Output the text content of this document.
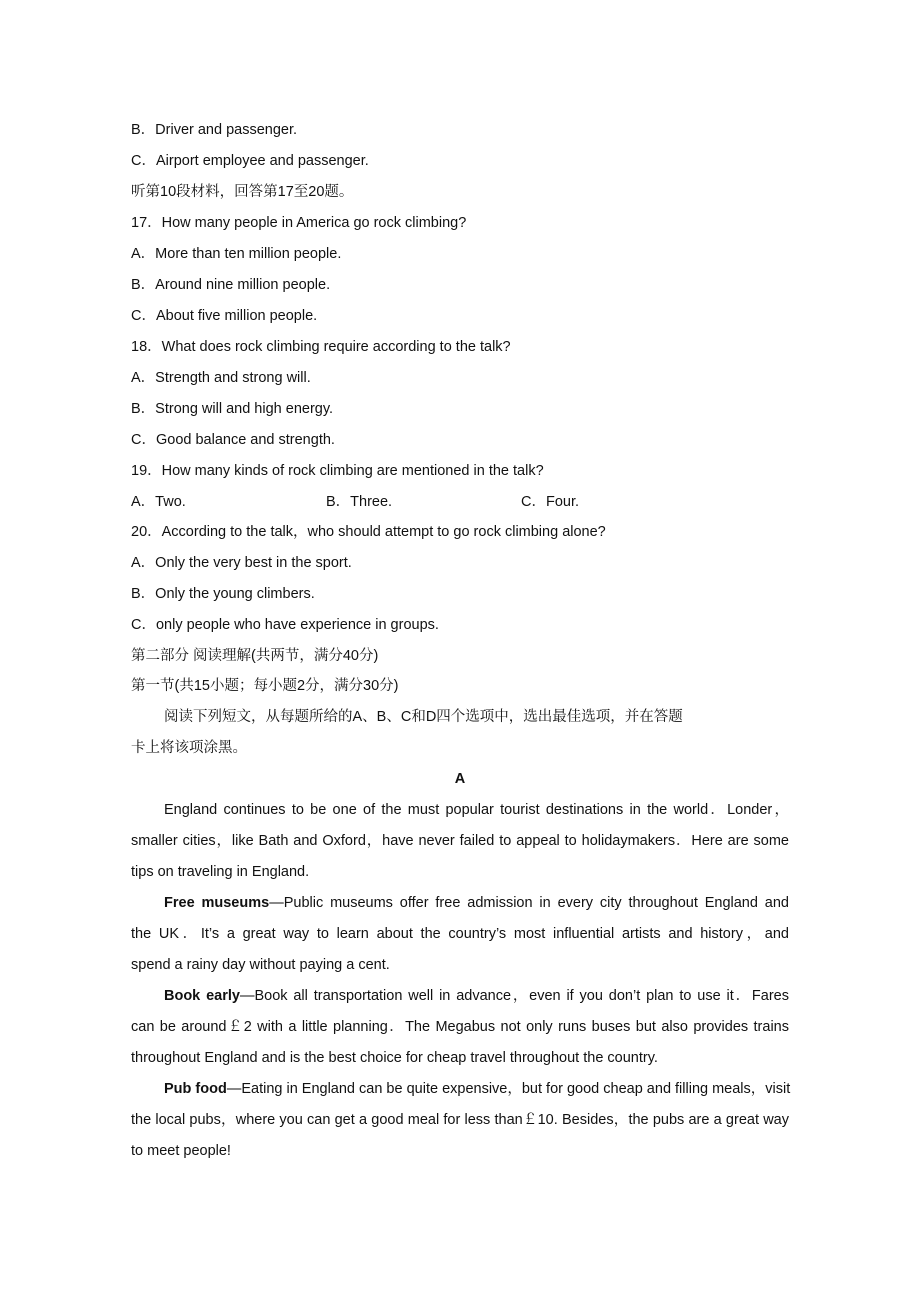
B．Driver and passenger.
C．Airport employee and passenger.
听第10段材料，回答第17至20题。
17．How many people in America go rock climbing?
A．More than ten million people.
B．Around nine million people.
C．About five million people.
18．What does rock climbing require according to the talk?
A．Strength and strong will.
B．Strong will and high energy.
C．Good balance and strength.
19．How many kinds of rock climbing are mentioned in the talk?
A．Two.	B．Three.	C．Four.
20．According to the talk，who should attempt to go rock climbing alone?
A．Only the very best in the sport.
B．Only the young climbers.
C．only people who have experience in groups.
第二部分 阅读理解(共两节，满分40分)
第一节(共15小题；每小题2分，满分30分)
阅读下列短文，从每题所给的A、B、C和D四个选项中，选出最佳选项，并在答题
卡上将该项涂黑。
A
England continues to be one of the must popular tourist destinations in the world．Londer，
smaller cities，like Bath and Oxford，have never failed to appeal to holidaymakers．Here are some
tips on traveling in England.
Free museums—Public museums offer free admission in every city throughout England and
the UK．It’s a great way to learn about the country’s most influential artists and history，and
spend a rainy day without paying a cent.
Book early—Book all transportation well in advance，even if you don’t plan to use it．Fares
can be around￡2 with a little planning．The Megabus not only runs buses but also provides trains
throughout England and is the best choice for cheap travel throughout the country.
Pub food—Eating in England can be quite expensive，but for good cheap and filling meals，visit
the local pubs，where you can get a good meal for less than￡10. Besides，the pubs are a great way
to meet people!
